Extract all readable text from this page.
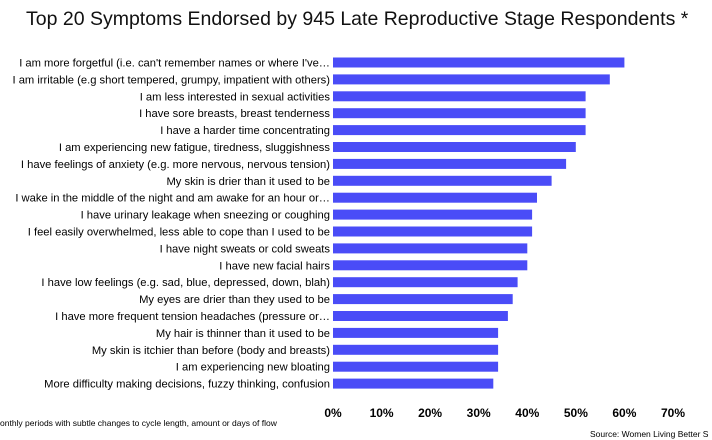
Top 20 Symptoms Endorsed by 945 Late Reproductive Stage Respondents *
I am more forgetful (i.e. can't remember names or where I've…
I am irritable (e.g short tempered, grumpy, impatient with others)
I am less interested in sexual activities
I have sore breasts, breast tenderness
I have a harder time concentrating
I am experiencing new fatigue, tiredness, sluggishness
I have feelings of anxiety (e.g. more nervous, nervous tension)
My skin is drier than it used to be
I wake in the middle of the night and am awake for an hour or…
I have urinary leakage when sneezing or coughing
I feel easily overwhelmed, less able to cope than I used to be
I have night sweats or cold sweats
I have new facial hairs
I have low feelings (e.g. sad, blue, depressed, down, blah)
My eyes are drier than they used to be
I have more frequent tension headaches (pressure or…
My hair is thinner than it used to be
My skin is itchier than before (body and breasts)
I am experiencing new bloating
More difficulty making decisions, fuzzy thinking, confusion
0% 10% 20% 30% 40% 50% 60% 70%
onthly periods with subtle changes to cycle length, amount or days of flow
Source: Women Living Better S
